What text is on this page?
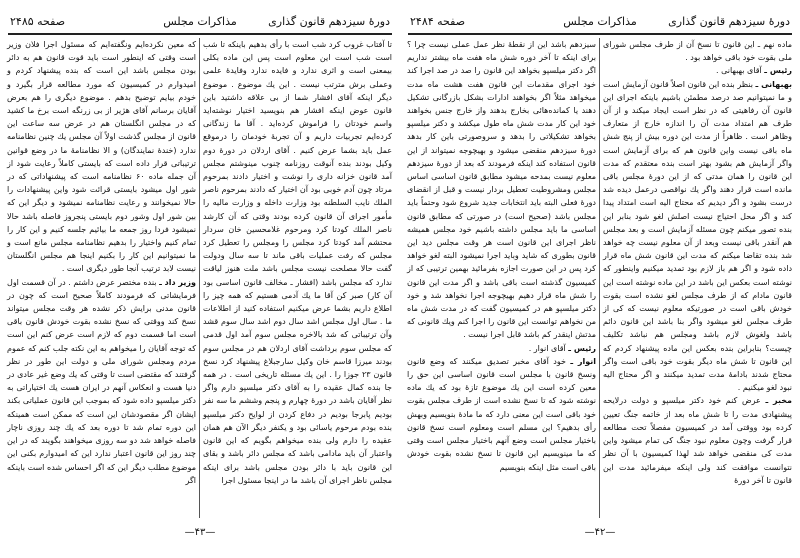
دورهٔ سیزدهم قانون گذاری
مذاکرات مجلس
صفحه ۲۴۸۵

تا آفتاب غروب کرد شب است با رأی بدهیم باینکه تا شب است شب است این معلوم است پس این ماده بکلی بیمعنی است و اثری ندارد و فایده ندارد وفایدهٔ علمی وعملی برش مترتب نیست . این یك موضوع . موضوع دیگر اینکه آقای افشار شما از بی علاقه داشتید باین قانون عوض اینکه افشار هم بنویسید اختیار نوشته‌اید واسم خودتان را فراموش کرده‌اید . آقا ما زندگانی کرده‌ایم تجربیات داریم و آن تجربهٔ خودمان را درموقع عمل باید بشما عرض کنیم . آقای اردلان در دورهٔ دوم وکیل بودند بنده آنوقت روزنامه چنوب مینوشتم مجلس آمد قانون خزانه داری را نوشت و اختیار دادند بمرحوم مرتاد چون آدم خوبی بود آن اختیار که دادند بمرحوم ناصر الملك نایب السلطنه بود وزارت داخله و وزارت مالیه را مأمور اجرای آن قانون کرده بودند وقتی که آن کارشد ناصر الملك کودتا کرد ومرحوم غلامحسین خان سردار محتشم آمد کودتا کرد مجلس را ومجلس را تعطیل کرد مجلس که رفت عملیات باقی ماند تا سه سال ودولت گفت حالا مصلحت نیست مجلس باشد ملت هنوز لیاقت ندارد که مجلس باشد (افشار ـ مخالف قانون اساسی بود آن کار) صبر کن آقا ما یك آدمی هستیم که همه چیز را اطلاع داریم بشما عرض میکنیم استفاده کنید از اطلاعات ما . سال اول مجلس اشد سال دوم اشد سال سوم قشد وآن ترتیباتی که شد بالاخره مجلس سوم آمد اول قدمی که مجلس سوم برداشت آقای اردلان هم در مجلس سوم بودند میرزا قاسم خان وکیل سارجبلاغ پیشنهاد کرد نسخ قانون ۲۳ جوزا را . این یك مسئله تاریخی است . در همه جا بنده کمال عقیده را به آقای دکتر میلسپو دارم واگر نظر آقایان باشد در دورهٔ چهارم و پنجم وششم ما سه نفر بودیم پابرجا بودیم در دفاع کردن از لوایح دکتر میلسپو بنده بودم مرحوم یاسائی بود و یکنفر دیگر الآن هم همان عقیده را دارم ولی بنده میخواهم بگویم که این قانون واعتبار آن باید مادامی باشد که مجلس دائر باشد و بقای این قانون باید با دائر بودن مجلس باشد برای اینکه مجلس ناظر اجرای آن باشد ما در اینجا مسئول اجرا

که معین نکرده‌ایم ونگفته‌ایم که مسئول اجرا فلان وزیر است وقتی که اینطور است باید قوت قانون هم به دائر بودن مجلس باشد این است که بنده پیشنهاد کردم و امیدوارم در کمیسیون که مورد مطالعه قرار بگیرد و خودم بیایم توضیح بدهم . موضوع دیگری را هم بعرض آقایان برسانم آقای هژیر از بی زرنگه است برخ ما کشید که در مجلس انگلستان هم در عرض سه ساعت این قانون از مجلس گذشت اولاً آن مجلس یك چنین نظامنامه ندارد (خندهٔ نمایندگان) و الا نظامنامهٔ ما در وضع قوانین ترتیباتی قرار داده است که بایستی کاملاً رعایت شود از آن جمله ماده ۶۰ نظامنامه است که پیشنهاداتی که در شور اول میشود بایستی قرائت شود واین پیشنهادات را حالا نمیخوانند و رعایت نظامنامه نمیشود و دیگر این که بین شور اول وشور دوم بایستی پنجروز فاصله باشد حالا نمیشود فردا روز جمعه ما بیائیم جلسه کنیم و این کار را تمام کنیم واختیار را بدهیم نظامنامه مجلس مانع است و ما نمیتوانیم این کار را بکنیم اینجا هم مجلس انگلستان نیست لابد ترتیب آنجا طور دیگری است .

وزیر داد ـ بنده مختصر عرض داشتم . در آن قسمت اول فرمایشاتی که فرمودند کاملاً صحیح است که چون در قانون مدنی برایش ذکر نشده هر وقت مجلس میتواند نسخ کند ووقتی که نسخ نشده بقوت خودش قانون باقی است اما قسمت دوم که لازم است عرض کنم این است که توجه آقایان را میخواهم به این نکته جلب کنم که عموم مردم ومجلس شورای ملی و دولت این طور در نظر گرفتند که مقتضی است تا وقتی که یك وضع غیر عادی در دنیا هست و انعکاس آنهم در ایران هست یك اختیاراتی به دکتر میلسپو داده شود که بموجب این قانون عملیاتی بکند ایشان اگر مقصودشان این است که ممکن است همینکه این دوره تمام شد تا دوره بعد که یك چند روزی ناچار فاصله خواهد شد دو سه روزی میخواهند بگویند که در این چند روز این قانون اعتبار ندارد این که امیدوارم بکنی این موضوع مطلب دیگر این که اگر احساس شده است باینکه اگر

—۴۳—
دورهٔ سیزدهم قانون گذاری
مذاکرات مجلس
صفحه ۲۴۸۴

ماده نهم ـ این قانون تا نسخ آن از طرف مجلس شورای ملی بقوت خود باقی خواهد بود .

رئیس ـ آقای بهبهانی .

بهبهانی ـ بنظر بنده این قانون اصلاً قانون آزمایش است و ما نمیتوانیم صد درصد مطمئن باشیم باینکه اجرای این قانون آن رفاهیتی که در نظر است ایجاد میکند و از آن طرف هم امتداد مدت آن را اندازه خارج از متعارف وظاهر است . ظاهراً از مدت این دوره بیش از پنج شش ماه باقی نیست واین قانون هم که برای آزمایش است واگر آزمایش هم بشود بهتر است بنده معتقدم که مدت این قانون را همان مدتی که از این دورهٔ مجلس باقی مانده است قرار دهند واگر یك نواقصی درعمل دیده شد درست بشود و اگر دیدیم که محتاج الیه است امتداد پیدا کند و اگر محل احتیاج نیست اصلش لغو شود بنابر این بنده تصور میکنم چون مسئله آزمایش است و بعد مجلس هم آنقدر باقی نیست وبعد از آن معلوم نیست چه خواهد شد بنده تقاضا میکنم که مدت این قانون شش ماه قرار داده شود و اگر هم باز لازم بود تمدید میکنیم واینطور که نوشته است بعکس این باشد در این ماده نوشته است این قانون مادام که از طرف مجلس لغو نشده است بقوت خودش باقی است در صورتیکه معلوم نیست که کی از طرف مجلس لغو میشود واگر بنا باشد این قانون دائم باشد ولغوش لازم باشد ومجلس هم نباشد تکلیف چیست؟ بنابراین بنده بعکس این ماده پیشنهاد کردم که این قانون تا شش ماه دیگر بقوت خود باقی است واگر محتاج شدند بادامهٔ مدت تمدید میکنند و اگر محتاج الیه نبود لغو میکنیم .

مخبر ـ عرض کنم خود دکتر میلسپو و دولت درلایحه پیشنهادی مدت را تا شش ماه بعد از خاتمه جنگ تعیین کرده بود ووقتی آمد در کمیسیون مفصلاً تحت مطالعه قرار گرفت وچون معلوم نبود جنگ کی تمام میشود واین مدت کی منقضی خواهد شد لهذا کمیسیون با آن نظر نتوانست موافقت کند ولی اینکه میفرمائید مدت این قانون تا آخر دورهٔ

سیزدهم باشد این از نقطهٔ نظر عمل عملی نیست چرا ؟ برای اینکه تا آخر دوره شش ماه هفت ماه بیشتر نداریم اگر دکتر میلسپو بخواهد این قانون را صد در صد اجرا کند خود اجرای مقدمات این قانون هفت هشت ماه مدت میخواهد مثلاً اگر بخواهند ادارات بشکل بازرگانی تشکیل دهند یا کمانده‌هائی بخارج بدهند واز خارج جنس بخواهند خود این کار مدت شش ماه طول میکشد و دکتر میلسپو بخواهد تشکیلاتی را بدهد و سروصورتی باین کار بدهد دورهٔ سیزدهم منقضی میشود و بهیچوجه نمیتواند از این قانون استفاده کند اینکه فرمودند که بعد از دورهٔ سیزدهم معلوم نیست بمدحه میشود مطابق قانون اساسی اساس مجلس ومشروطیت تعطیل بردار نیست و قبل از انقضای دورهٔ فعلی البته باید انتخابات جدید شروع شود وحتماً باید مجلس باشد (صحیح است) در صورتی که مطابق قانون اساسی ما باید مجلس داشته باشیم خود مجلس همیشه ناظر اجرای این قانون است هر وقت مجلس دید این قانون بطوری که شاید وباید اجرا نمیشود البته لغو خواهد کرد پس در این صورت اجازه بفرمائید بهمین ترتیبی که از کمیسیون گذشته است باقی باشد و اگر مدت این قانون را شش ماه قرار دهیم بهیچوجه اجرا نخواهد شد و خود دکتر میلسپو هم در کمیسیون گفت که در مدت شش ماه من نخواهم توانست این قانون را اجرا کنم ویك قانونی که مدتش اینقدر کم باشد قابل اجرا نیست .

رئیس ـ آقای انوار .

انوار ـ خود آقای مخبر تصدیق میکنند که وضع قانون ونسخ قانون با مجلس است قانون اساسی این حق را معین کرده است این یك موضوع تازهٔ بود که یك ماده نوشته شود که تا نسخ نشده است از طرف مجلس بقوت خود باقی است این معنی دارد که ما مادهٔ بنویسیم وبهش رأی بدهیم؟ این مسلم است ومعلوم است نسخ قانون باختیار مجلس است وضع آنهم باختیار مجلس است وقتی که ما مینویسیم این قانون تا نسخ نشده بقوت خودش باقی است مثل اینکه بنویسیم

—۴۲—
